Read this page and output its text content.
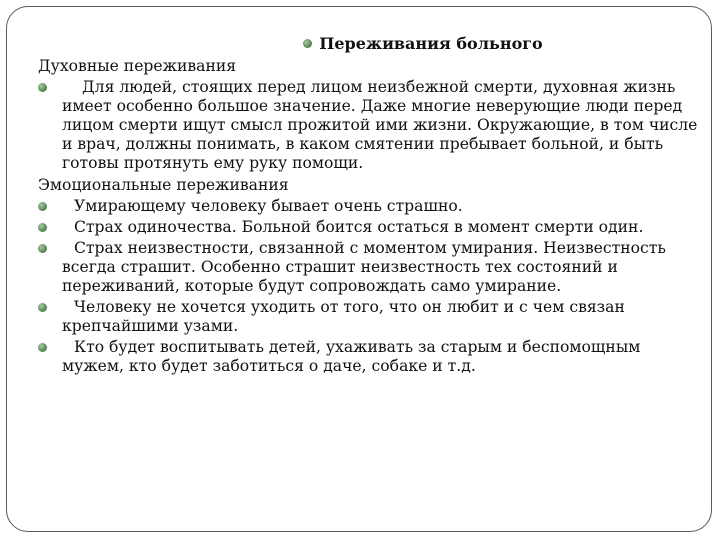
Переживания больного
Духовные переживания
Для людей, стоящих перед лицом неизбежной смерти, духовная жизнь имеет особенно большое значение. Даже многие неверующие люди перед лицом смерти ищут смысл прожитой ими жизни. Окружающие, в том числе и врач, должны понимать, в каком смятении пребывает больной, и быть готовы протянуть ему руку помощи.
Эмоциональные переживания
Умирающему человеку бывает очень страшно.
Страх одиночества. Больной боится остаться в момент смерти один.
Страх неизвестности, связанной с моментом умирания. Неизвестность всегда страшит. Особенно страшит неизвестность тех состояний и переживаний, которые будут сопровождать само умирание.
Человеку не хочется уходить от того, что он любит и с чем связан крепчайшими узами.
Кто будет воспитывать детей, ухаживать за старым и беспомощным мужем, кто будет заботиться о даче, собаке и т.д.
